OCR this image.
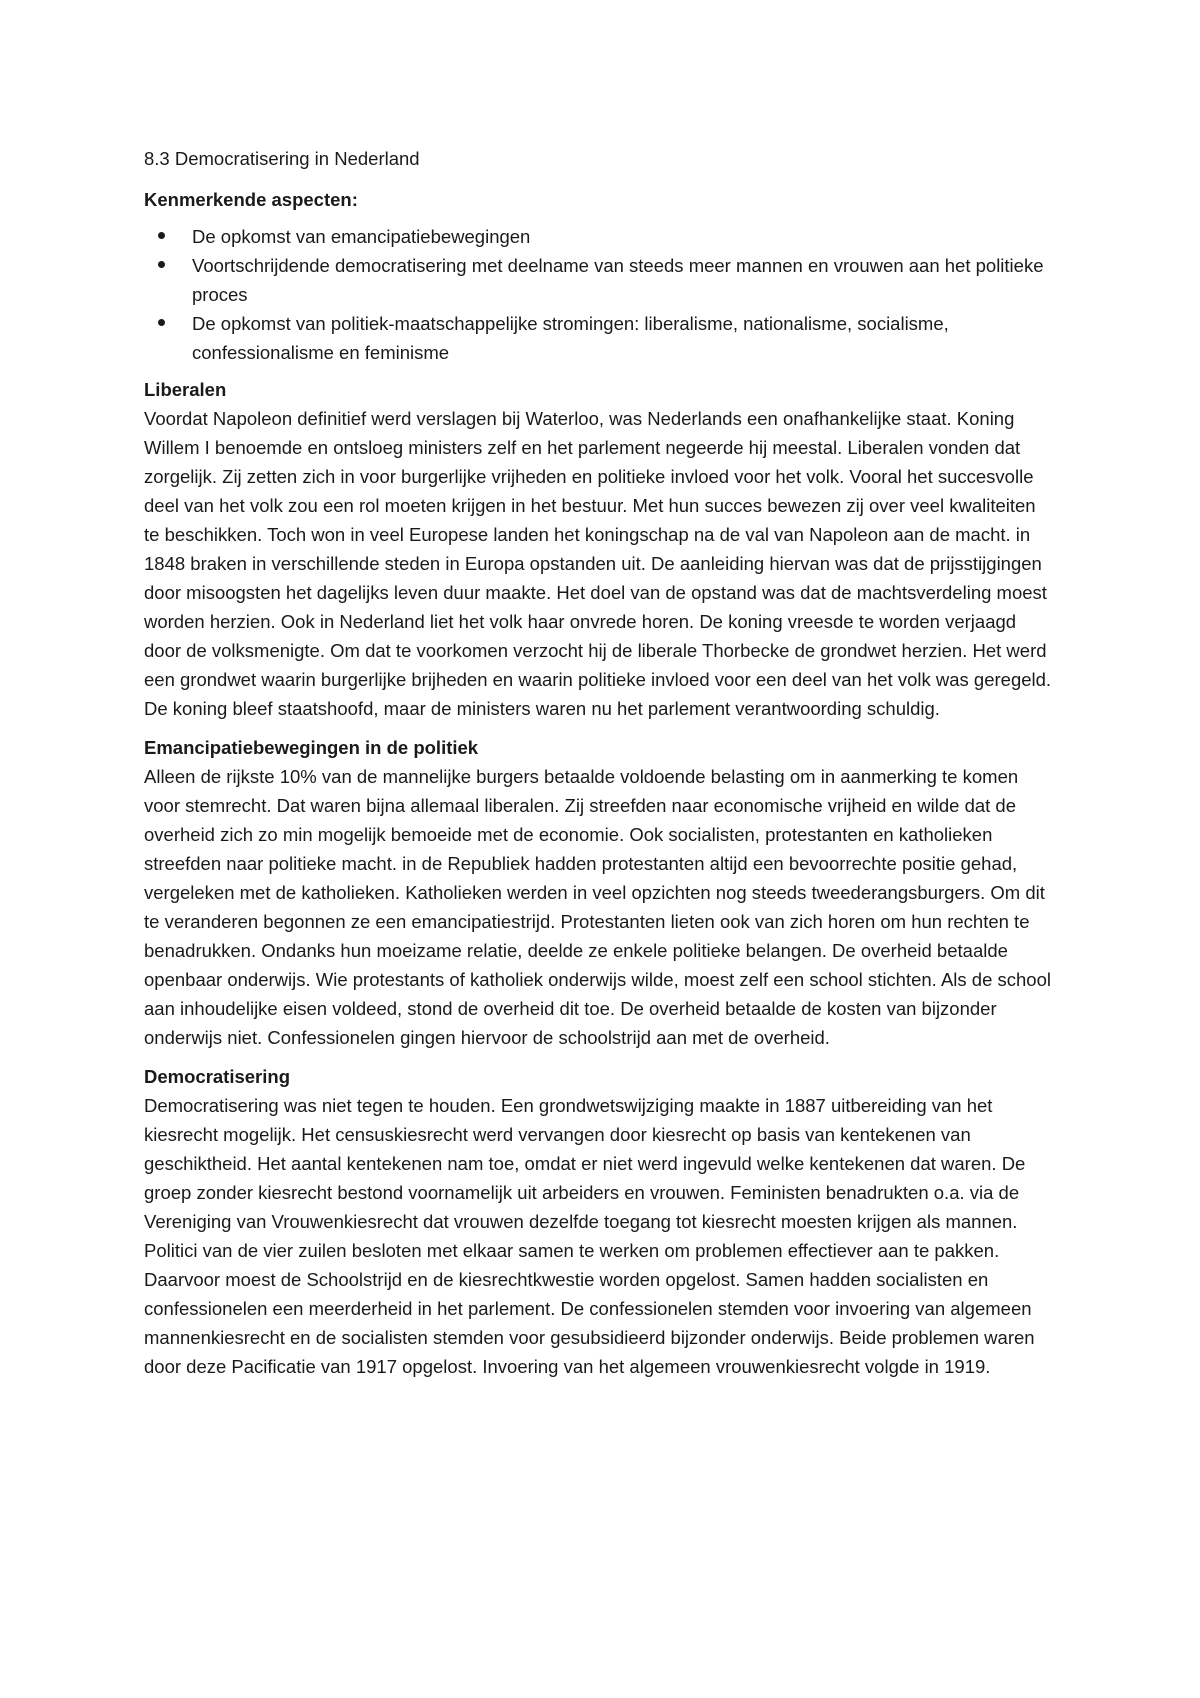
8.3 Democratisering in Nederland

Kenmerkende aspecten:

De opkomst van emancipatiebewegingen
Voortschrijdende democratisering met deelname van steeds meer mannen en vrouwen aan het politieke proces
De opkomst van politiek-maatschappelijke stromingen: liberalisme, nationalisme, socialisme, confessionalisme en feminisme
Liberalen

Voordat Napoleon definitief werd verslagen bij Waterloo, was Nederlands een onafhankelijke staat. Koning Willem I benoemde en ontsloeg ministers zelf en het parlement negeerde hij meestal. Liberalen vonden dat zorgelijk. Zij zetten zich in voor burgerlijke vrijheden en politieke invloed voor het volk. Vooral het succesvolle deel van het volk zou een rol moeten krijgen in het bestuur. Met hun succes bewezen zij over veel kwaliteiten te beschikken. Toch won in veel Europese landen het koningschap na de val van Napoleon aan de macht. in 1848 braken in verschillende steden in Europa opstanden uit. De aanleiding hiervan was dat de prijsstijgingen door misoogsten het dagelijks leven duur maakte. Het doel van de opstand was dat de machtsverdeling moest worden herzien. Ook in Nederland liet het volk haar onvrede horen. De koning vreesde te worden verjaagd door de volksmenigte. Om dat te voorkomen verzocht hij de liberale Thorbecke de grondwet herzien. Het werd een grondwet waarin burgerlijke brijheden en waarin politieke invloed voor een deel van het volk was geregeld. De koning bleef staatshoofd, maar de ministers waren nu het parlement verantwoording schuldig.

Emancipatiebewegingen in de politiek

Alleen de rijkste 10% van de mannelijke burgers betaalde voldoende belasting om in aanmerking te komen voor stemrecht. Dat waren bijna allemaal liberalen. Zij streefden naar economische vrijheid en wilde dat de overheid zich zo min mogelijk bemoeide met de economie. Ook socialisten, protestanten en katholieken streefden naar politieke macht. in de Republiek hadden protestanten altijd een bevoorrechte positie gehad, vergeleken met de katholieken. Katholieken werden in veel opzichten nog steeds tweederangsburgers. Om dit te veranderen begonnen ze een emancipatiestrijd. Protestanten lieten ook van zich horen om hun rechten te benadrukken. Ondanks hun moeizame relatie, deelde ze enkele politieke belangen. De overheid betaalde openbaar onderwijs. Wie protestants of katholiek onderwijs wilde, moest zelf een school stichten. Als de school aan inhoudelijke eisen voldeed, stond de overheid dit toe. De overheid betaalde de kosten van bijzonder onderwijs niet. Confessionelen gingen hiervoor de schoolstrijd aan met de overheid.

Democratisering

Democratisering was niet tegen te houden. Een grondwetswijziging maakte in 1887 uitbereiding van het kiesrecht mogelijk. Het censuskiesrecht werd vervangen door kiesrecht op basis van kentekenen van geschiktheid. Het aantal kentekenen nam toe, omdat er niet werd ingevuld welke kentekenen dat waren. De groep zonder kiesrecht bestond voornamelijk uit arbeiders en vrouwen. Feministen benadrukten o.a. via de Vereniging van Vrouwenkiesrecht dat vrouwen dezelfde toegang tot kiesrecht moesten krijgen als mannen. Politici van de vier zuilen besloten met elkaar samen te werken om problemen effectiever aan te pakken. Daarvoor moest de Schoolstrijd en de kiesrechtkwestie worden opgelost. Samen hadden socialisten en confessionelen een meerderheid in het parlement. De confessionelen stemden voor invoering van algemeen mannenkiesrecht en de socialisten stemden voor gesubsidieerd bijzonder onderwijs. Beide problemen waren door deze Pacificatie van 1917 opgelost. Invoering van het algemeen vrouwenkiesrecht volgde in 1919.
